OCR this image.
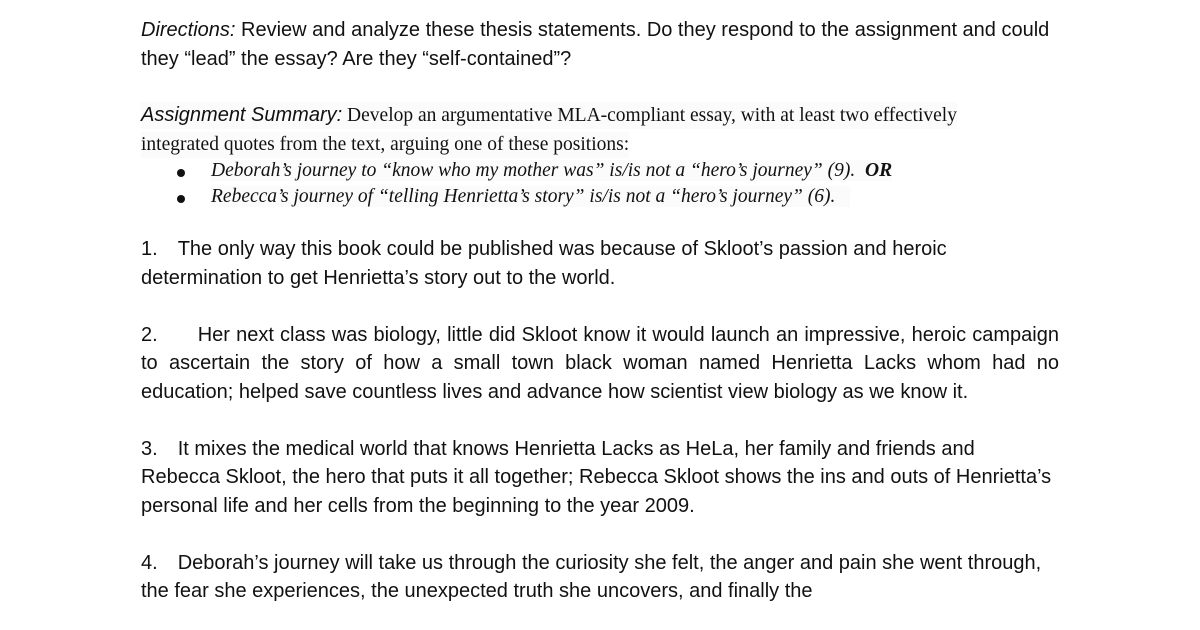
Directions: Review and analyze these thesis statements. Do they respond to the assignment and could they “lead” the essay? Are they “self-contained”?

Assignment Summary: Develop an argumentative MLA-compliant essay, with at least two effectively
integrated quotes from the text, arguing one of these positions:
Deborah’s journey to “know who my mother was” is/is not a “hero’s journey” (9). OR
Rebecca’s journey of “telling Henrietta’s story” is/is not a “hero’s journey” (6).

1. The only way this book could be published was because of Skloot’s passion and heroic determination to get Henrietta’s story out to the world.

2. Her next class was biology, little did Skloot know it would launch an impressive, heroic campaign to ascertain the story of how a small town black woman named Henrietta Lacks whom had no education; helped save countless lives and advance how scientist view biology as we know it.

3. It mixes the medical world that knows Henrietta Lacks as HeLa, her family and friends and Rebecca Skloot, the hero that puts it all together; Rebecca Skloot shows the ins and outs of Henrietta’s personal life and her cells from the beginning to the year 2009.

4. Deborah’s journey will take us through the curiosity she felt, the anger and pain she went through, the fear she experiences, the unexpected truth she uncovers, and finally the
